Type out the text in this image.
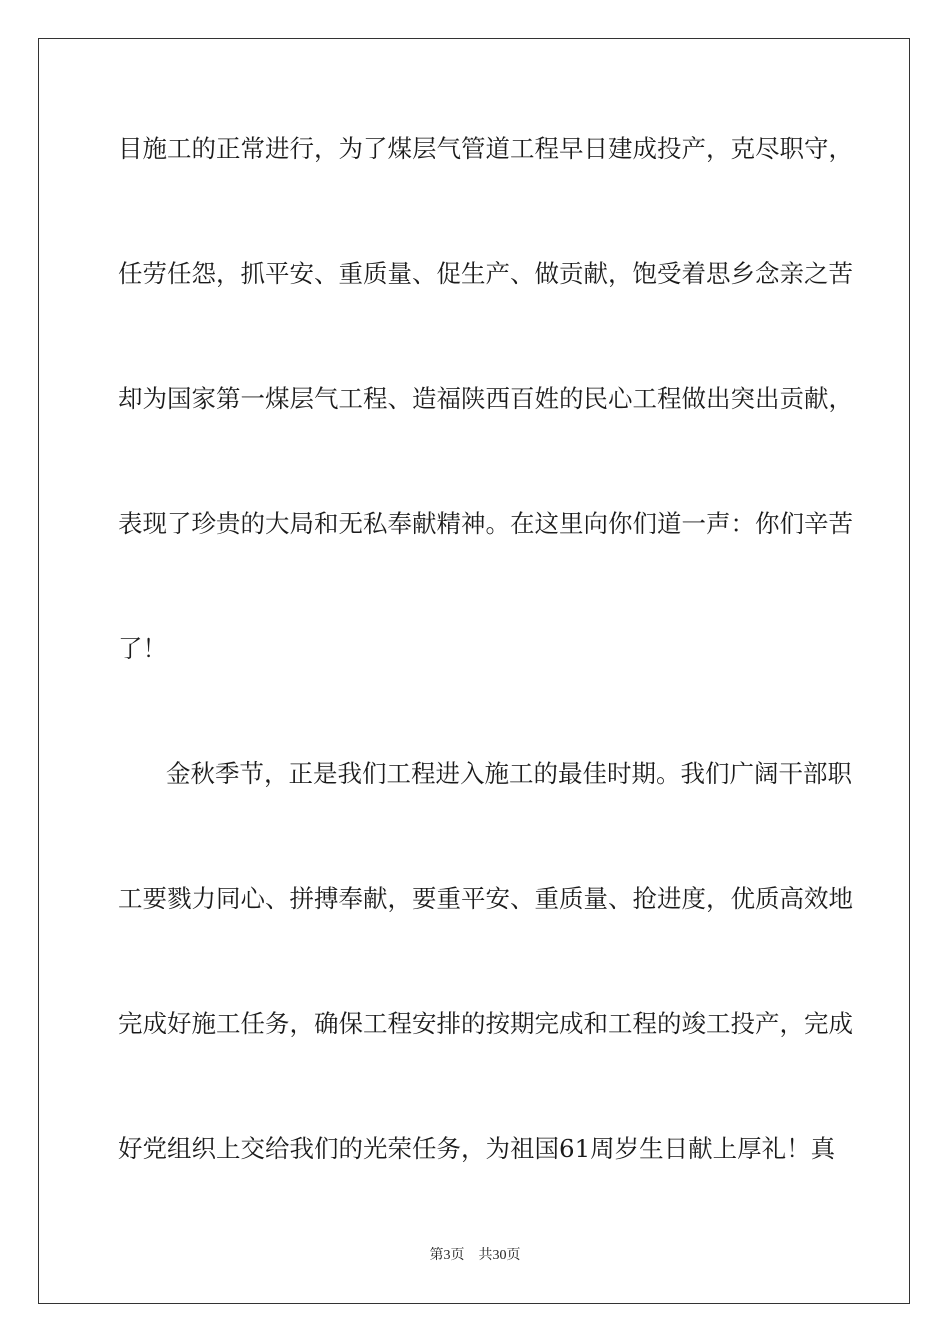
目施工的正常进行，为了煤层气管道工程早日建成投产，克尽职守，
任劳任怨，抓平安、重质量、促生产、做贡献，饱受着思乡念亲之苦
却为国家第一煤层气工程、造福陕西百姓的民心工程做出突出贡献，
表现了珍贵的大局和无私奉献精神。在这里向你们道一声：你们辛苦
了！
金秋季节，正是我们工程进入施工的最佳时期。我们广阔干部职
工要戮力同心、拼搏奉献，要重平安、重质量、抢进度，优质高效地
完成好施工任务，确保工程安排的按期完成和工程的竣工投产，完成
好党组织上交给我们的光荣任务，为祖国61周岁生日献上厚礼！真
第3页 共30页
